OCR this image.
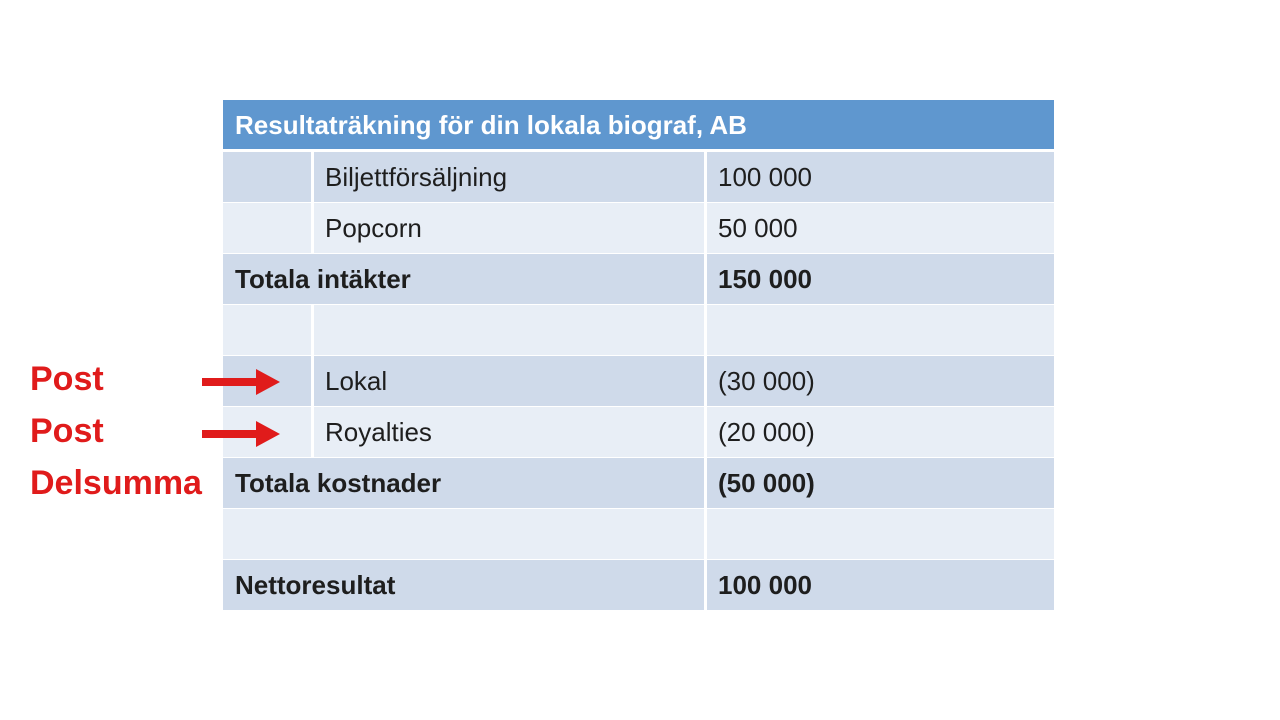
Resultaträkning för din lokala biograf, AB
Biljettförsäljning	100 000
Popcorn	50 000
Totala intäkter	150 000
Lokal	(30 000)
Royalties	(20 000)
Totala kostnader	(50 000)
Nettoresultat	100 000
Post
Post
Delsumma
